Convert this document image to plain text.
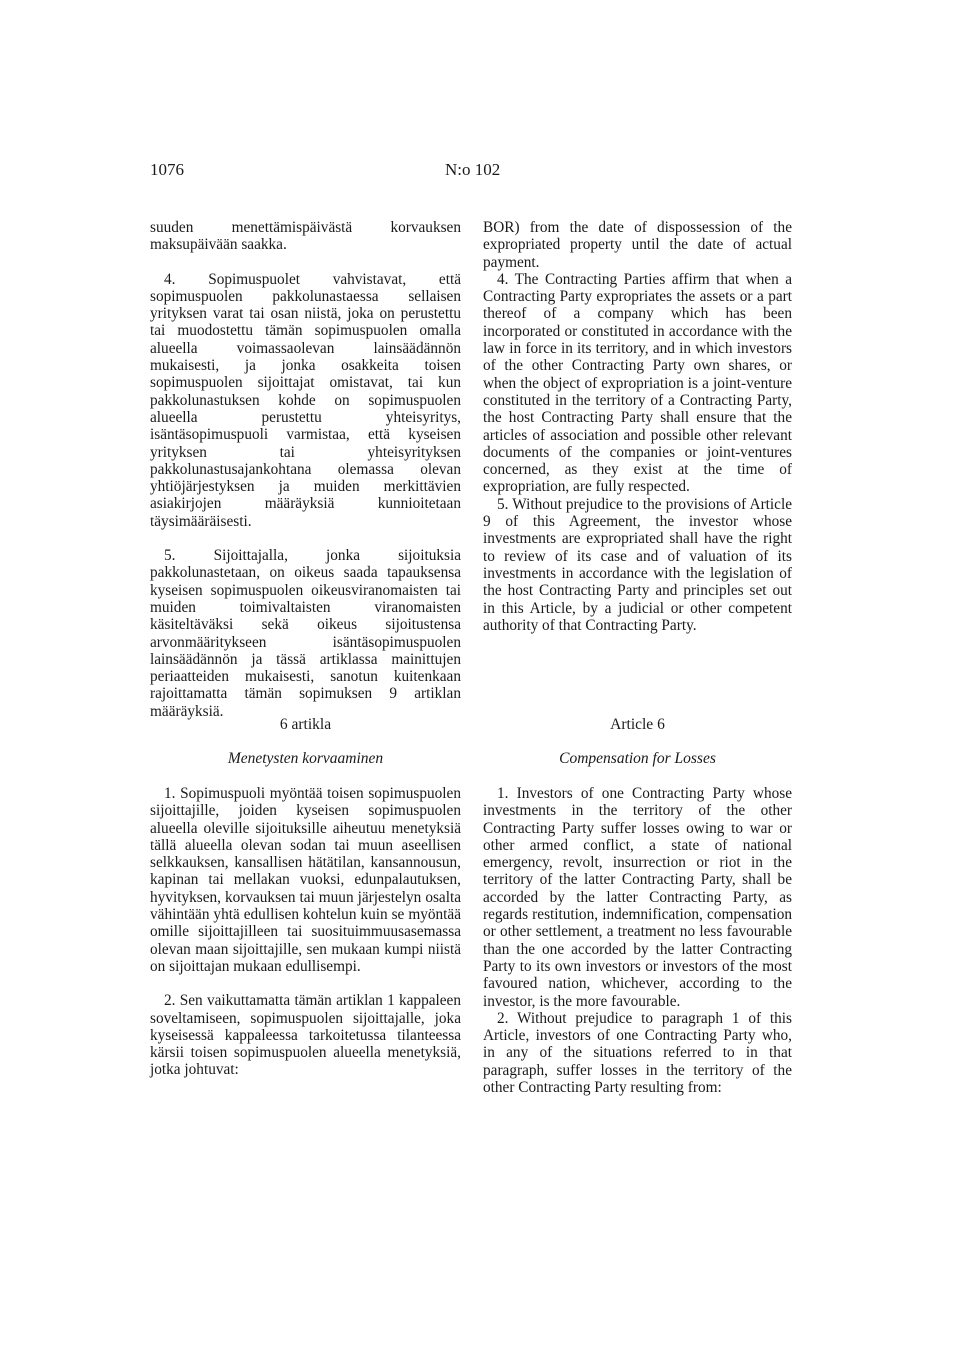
1076	N:o 102

suuden menettämispäivästä korvauksen maksupäivään saakka.

4. Sopimuspuolet vahvistavat, että sopimuspuolen pakkolunastaessa sellaisen yrityksen varat tai osan niistä, joka on perustettu tai muodostettu tämän sopimuspuolen omalla alueella voimassaolevan lainsäädännön mukaisesti, ja jonka osakkeita toisen sopimuspuolen sijoittajat omistavat, tai kun pakkolunastuksen kohde on sopimuspuolen alueella perustettu yhteisyritys, isäntäsopimuspuoli varmistaa, että kyseisen yrityksen tai yhteisyrityksen pakkolunastusajankohtana olemassa olevan yhtiöjärjestyksen ja muiden merkittävien asiakirjojen määräyksiä kunnioitetaan täysimääräisesti.

5. Sijoittajalla, jonka sijoituksia pakkolunastetaan, on oikeus saada tapauksensa kyseisen sopimuspuolen oikeusviranomaisten tai muiden toimivaltaisten viranomaisten käsiteltäväksi sekä oikeus sijoitustensa arvonmääritykseen isäntäsopimuspuolen lainsäädännön ja tässä artiklassa mainittujen periaatteiden mukaisesti, sanotun kuitenkaan rajoittamatta tämän sopimuksen 9 artiklan määräyksiä.

BOR) from the date of dispossession of the expropriated property until the date of actual payment.

4. The Contracting Parties affirm that when a Contracting Party expropriates the assets or a part thereof of a company which has been incorporated or constituted in accordance with the law in force in its territory, and in which investors of the other Contracting Party own shares, or when the object of expropriation is a joint-venture constituted in the territory of a Contracting Party, the host Contracting Party shall ensure that the articles of association and possible other relevant documents of the companies or joint-ventures concerned, as they exist at the time of expropriation, are fully respected.

5. Without prejudice to the provisions of Article 9 of this Agreement, the investor whose investments are expropriated shall have the right to review of its case and of valuation of its investments in accordance with the legislation of the host Contracting Party and principles set out in this Article, by a judicial or other competent authority of that Contracting Party.

6 artikla	Article 6
Menetysten korvaaminen	Compensation for Losses

1. Sopimuspuoli myöntää toisen sopimuspuolen sijoittajille, joiden kyseisen sopimuspuolen alueella oleville sijoituksille aiheutuu menetyksiä tällä alueella olevan sodan tai muun aseellisen selkkauksen, kansallisen hätätilan, kansannousun, kapinan tai mellakan vuoksi, edunpalautuksen, hyvityksen, korvauksen tai muun järjestelyn osalta vähintään yhtä edullisen kohtelun kuin se myöntää omille sijoittajilleen tai suosituimmuusasemassa olevan maan sijoittajille, sen mukaan kumpi niistä on sijoittajan mukaan edullisempi.

2. Sen vaikuttamatta tämän artiklan 1 kappaleen soveltamiseen, sopimuspuolen sijoittajalle, joka kyseisessä kappaleessa tarkoitetussa tilanteessa kärsii toisen sopimuspuolen alueella menetyksiä, jotka johtuvat:

1. Investors of one Contracting Party whose investments in the territory of the other Contracting Party suffer losses owing to war or other armed conflict, a state of national emergency, revolt, insurrection or riot in the territory of the latter Contracting Party, shall be accorded by the latter Contracting Party, as regards restitution, indemnification, compensation or other settlement, a treatment no less favourable than the one accorded by the latter Contracting Party to its own investors or investors of the most favoured nation, whichever, according to the investor, is the more favourable.

2. Without prejudice to paragraph 1 of this Article, investors of one Contracting Party who, in any of the situations referred to in that paragraph, suffer losses in the territory of the other Contracting Party resulting from:
